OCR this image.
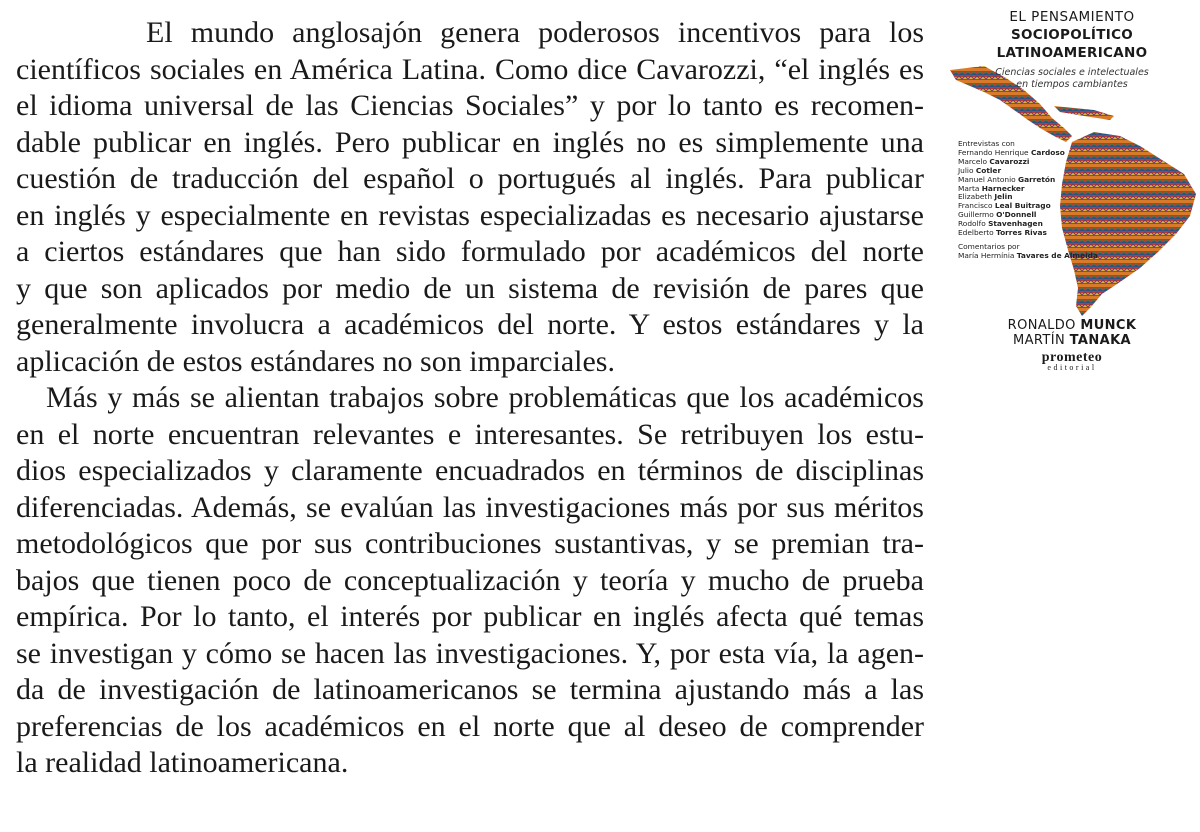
El mundo anglosajón genera poderosos incentivos para los
científicos sociales en América Latina. Como dice Cavarozzi, “el inglés es
el idioma universal de las Ciencias Sociales” y por lo tanto es recomen-
dable publicar en inglés. Pero publicar en inglés no es simplemente una
cuestión de traducción del español o portugués al inglés. Para publicar
en inglés y especialmente en revistas especializadas es necesario ajustarse
a ciertos estándares que han sido formulado por académicos del norte
y que son aplicados por medio de un sistema de revisión de pares que
generalmente involucra a académicos del norte. Y estos estándares y la
aplicación de estos estándares no son imparciales.
Más y más se alientan trabajos sobre problemáticas que los académicos
en el norte encuentran relevantes e interesantes. Se retribuyen los estu-
dios especializados y claramente encuadrados en términos de disciplinas
diferenciadas. Además, se evalúan las investigaciones más por sus méritos
metodológicos que por sus contribuciones sustantivas, y se premian tra-
bajos que tienen poco de conceptualización y teoría y mucho de prueba
empírica. Por lo tanto, el interés por publicar en inglés afecta qué temas
se investigan y cómo se hacen las investigaciones. Y, por esta vía, la agen-
da de investigación de latinoamericanos se termina ajustando más a las
preferencias de los académicos en el norte que al deseo de comprender
la realidad latinoamericana.
EL PENSAMIENTO
SOCIOPOLÍTICO
LATINOAMERICANO
Ciencias sociales e intelectuales
en tiempos cambiantes
Entrevistas con
Fernando Henrique Cardoso
Marcelo Cavarozzi
Julio Cotler
Manuel Antonio Garretón
Marta Harnecker
Elizabeth Jelin
Francisco Leal Buitrago
Guillermo O'Donnell
Rodolfo Stavenhagen
Edelberto Torres Rivas
Comentarios por
María Hermínia Tavares de Almeida
RONALDO MUNCK
MARTÍN TANAKA
prometeo
editorial
